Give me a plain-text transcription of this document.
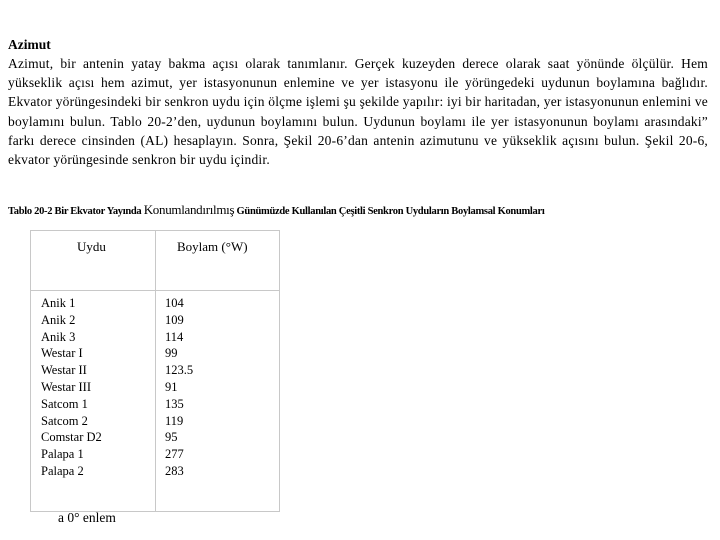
Azimut
Azimut, bir antenin yatay bakma açısı olarak tanımlanır. Gerçek kuzeyden derece olarak saat yönünde ölçülür. Hem yükseklik açısı hem azimut, yer istasyonunun enlemine ve yer istasyonu ile yörüngedeki uydunun boylamına bağlıdır. Ekvator yörüngesindeki bir senkron uydu için ölçme işlemi şu şekilde yapılır: iyi bir haritadan, yer istasyonunun enlemini ve boylamını bulun. Tablo 20-2’den, uydunun boylamını bulun. Uydunun boylamı ile yer istasyonunun boylamı arasındaki” farkı derece cinsinden (AL) hesaplayın. Sonra, Şekil 20-6’dan antenin azimutunu ve yükseklik açısını bulun. Şekil 20-6, ekvator yörüngesinde senkron bir uydu içindir.
Tablo 20-2 Bir Ekvator Yayında Konumlandırılmış Günümüzde Kullanılan Çeşitli Senkron Uyduların Boylamsal Konumları
Uydu	Boylam (°W)
Anik 1
Anik 2
Anik 3
Westar I
Westar II
Westar III
Satcom 1
Satcom 2
Comstar D2
Palapa 1
Palapa 2
104
109
114
99
123.5
91
135
119
95
277
283
a 0° enlem
